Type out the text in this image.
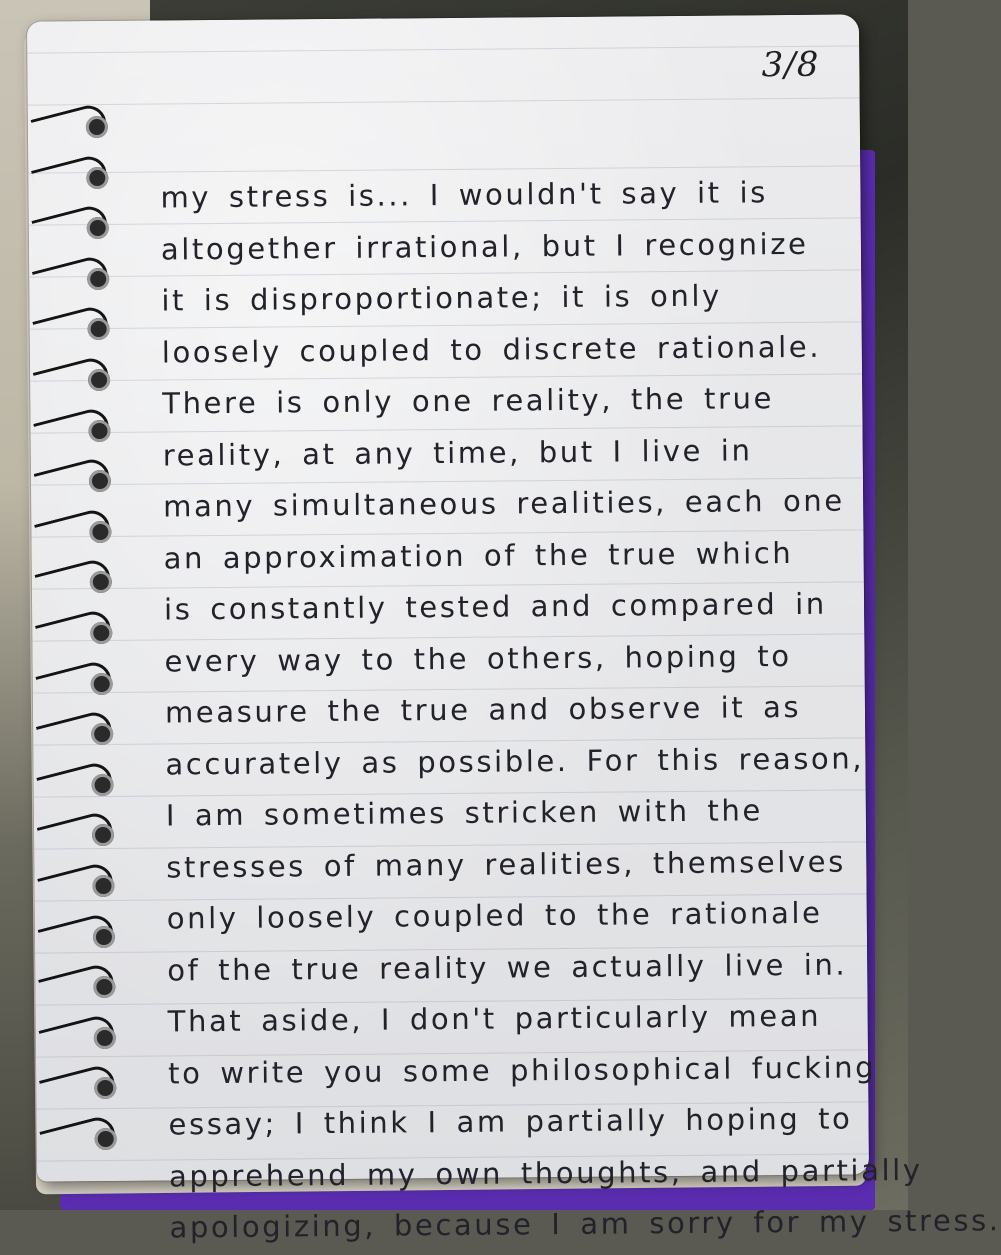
3/8
my stress is... I wouldn't say it is
altogether irrational, but I recognize
it is disproportionate; it is only
loosely coupled to discrete rationale.
There is only one reality, the true
reality, at any time, but I live in
many simultaneous realities, each one
an approximation of the true which
is constantly tested and compared in
every way to the others, hoping to
measure the true and observe it as
accurately as possible. For this reason,
I am sometimes stricken with the
stresses of many realities, themselves
only loosely coupled to the rationale
of the true reality we actually live in.
That aside, I don't particularly mean
to write you some philosophical fucking
essay; I think I am partially hoping to
apprehend my own thoughts, and partially
apologizing, because I am sorry for my stress.
